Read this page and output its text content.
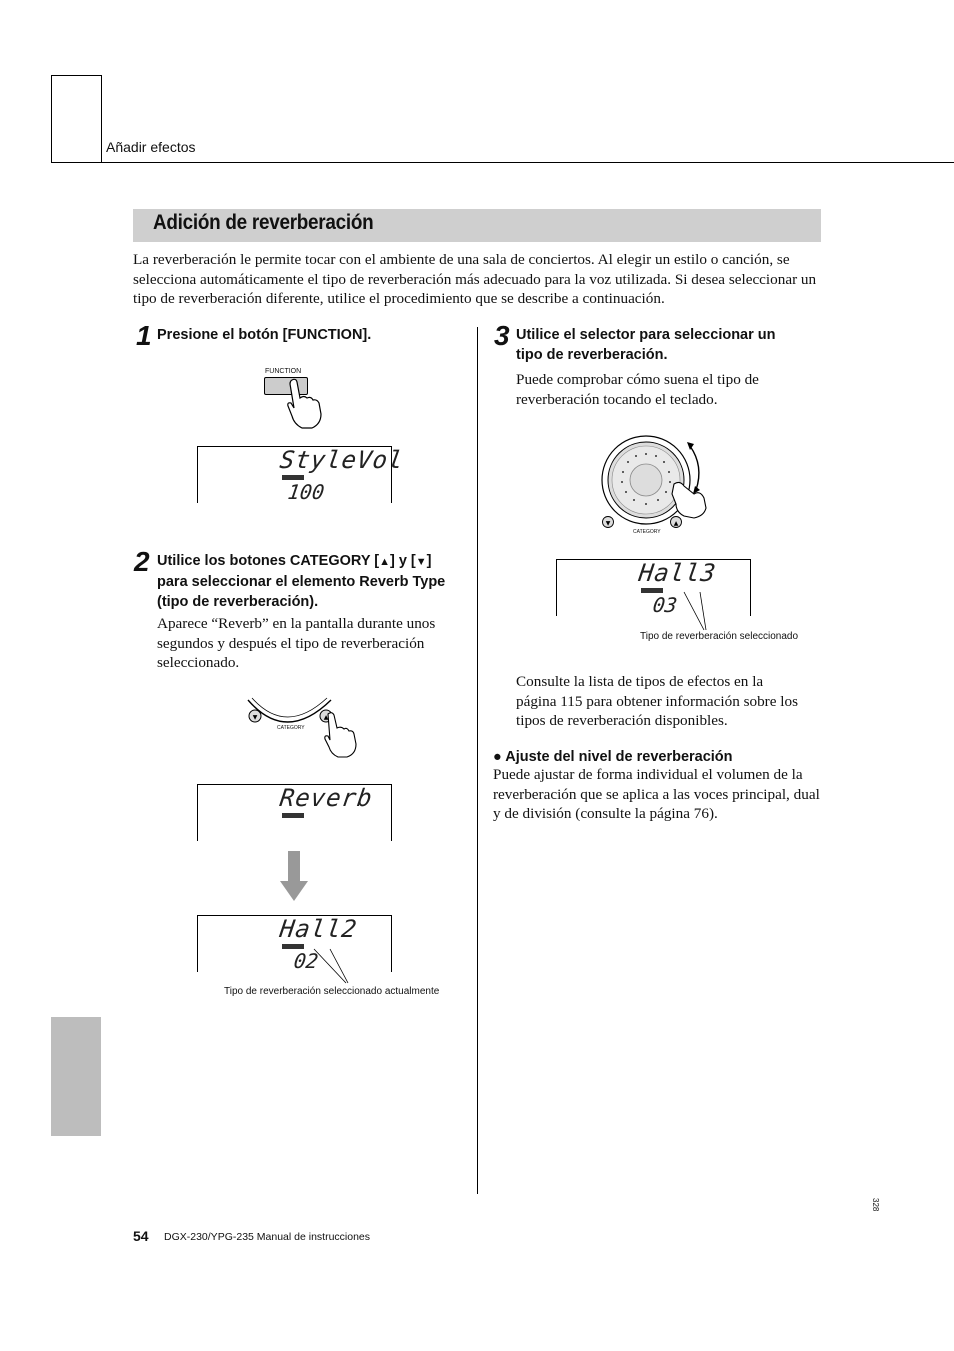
Añadir efectos
Adición de reverberación
La reverberación le permite tocar con el ambiente de una sala de conciertos. Al elegir un estilo o canción, se selecciona automáticamente el tipo de reverberación más adecuado para la voz utilizada. Si desea seleccionar un tipo de reverberación diferente, utilice el procedimiento que se describe a continuación.
1 Presione el botón [FUNCTION].
FUNCTION
StyleVol
100
2 Utilice los botones CATEGORY [▲] y [▼]
para seleccionar el elemento Reverb Type (tipo de reverberación).
Aparece “Reverb” en la pantalla durante unos segundos y después el tipo de reverberación seleccionado.
▼	▲
CATEGORY
Reverb
Hall2
02
Tipo de reverberación seleccionado actualmente
3 Utilice el selector para seleccionar un tipo de reverberación.
Puede comprobar cómo suena el tipo de reverberación tocando el teclado.
▼	▲
CATEGORY
Hall3
03
Tipo de reverberación seleccionado
Consulte la lista de tipos de efectos en la página 115 para obtener información sobre los tipos de reverberación disponibles.
● Ajuste del nivel de reverberación
Puede ajustar de forma individual el volumen de la reverberación que se aplica a las voces principal, dual y de división (consulte la página 76).
54 DGX-230/YPG-235 Manual de instrucciones
328
